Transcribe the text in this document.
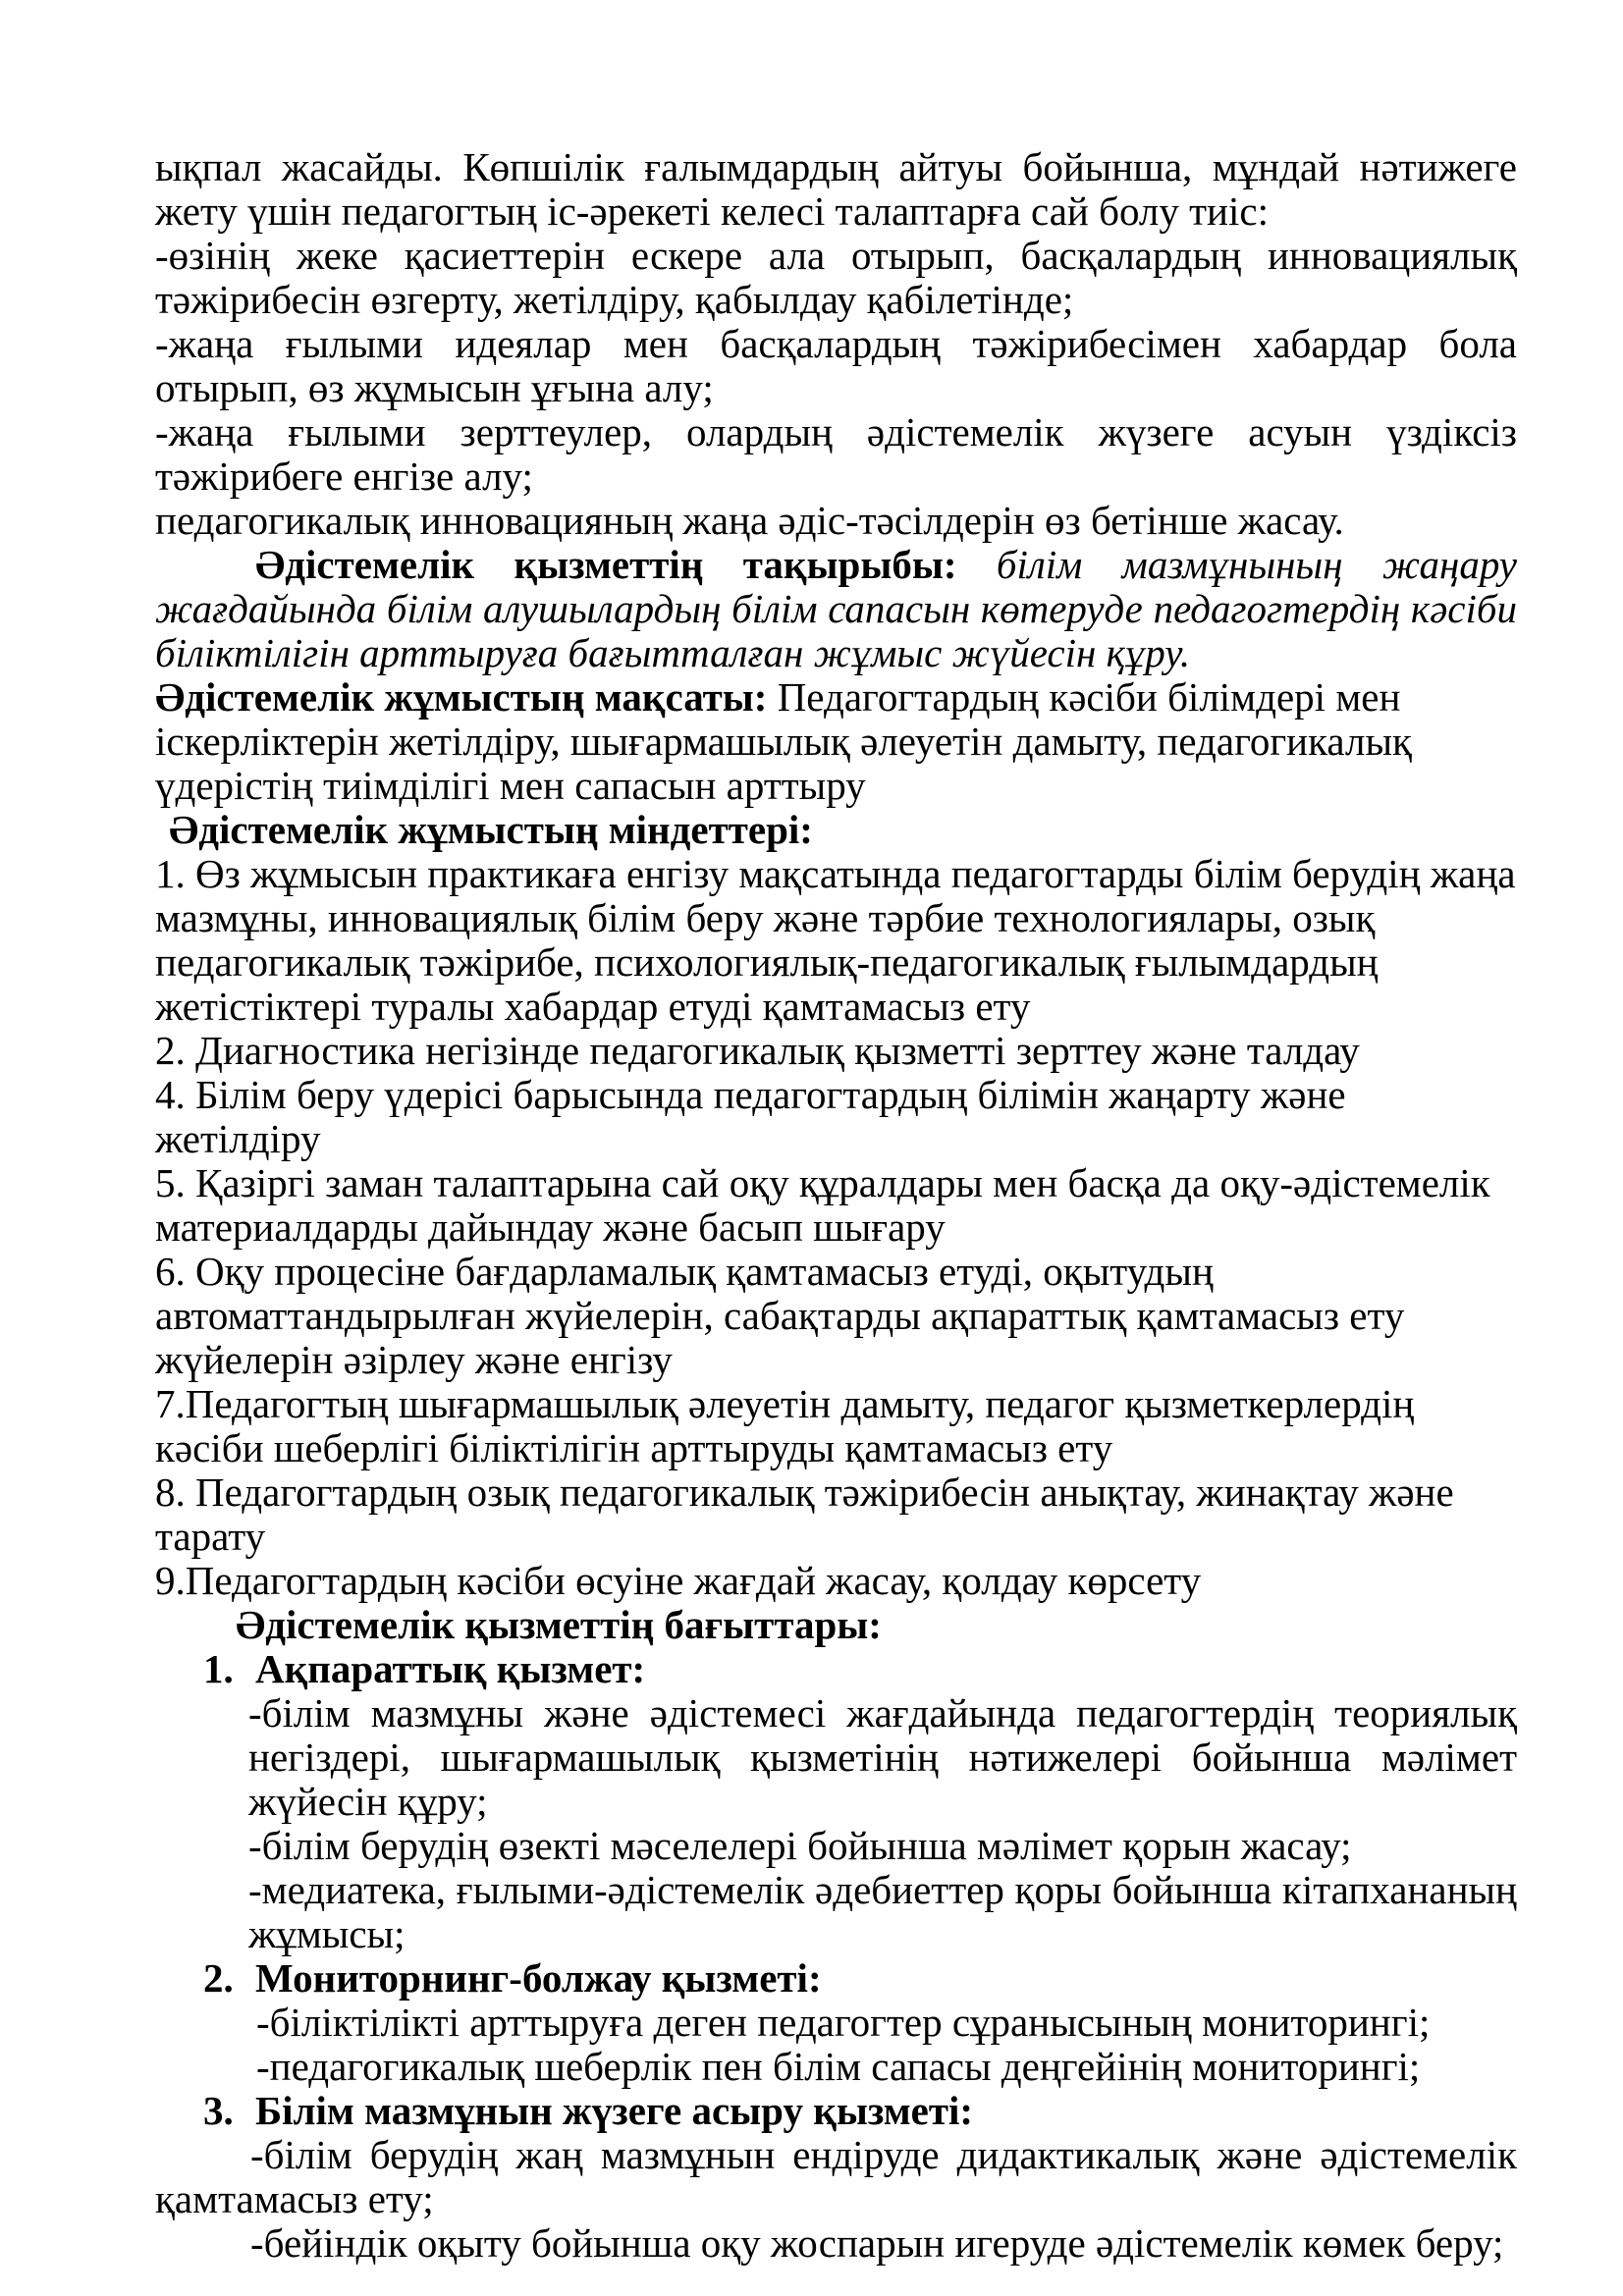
ықпал жасайды. Көпшілік ғалымдардың айтуы бойынша, мұндай нәтижеге жету үшін педагогтың іс-әрекеті келесі талаптарға сай болу тиіс:

-өзінің жеке қасиеттерін ескере ала отырып, басқалардың инновациялық тәжірибесін өзгерту, жетілдіру, қабылдау қабілетінде;

-жаңа ғылыми идеялар мен басқалардың тәжірибесімен хабардар бола отырып, өз жұмысын ұғына алу;

-жаңа ғылыми зерттеулер, олардың әдістемелік жүзеге асуын үздіксіз тәжірибеге енгізе алу;

педагогикалық инновацияның жаңа әдіс-тәсілдерін өз бетінше жасау.

Әдістемелік қызметтің тақырыбы: білім мазмұнының жаңару жағдайында білім алушылардың білім сапасын көтеруде педагогтердің кәсіби біліктілігін арттыруға бағытталған жұмыс жүйесін құру.

Әдістемелік жұмыстың мақсаты: Педагогтардың кәсіби білімдері мен іскерліктерін жетілдіру, шығармашылық әлеуетін дамыту, педагогикалық үдерістің тиімділігі мен сапасын арттыру

Әдістемелік жұмыстың міндеттері:

1. Өз жұмысын практикаға енгізу мақсатында педагогтарды білім берудің жаңа мазмұны, инновациялық білім беру және тәрбие технологиялары, озық педагогикалық тәжірибе, психологиялық-педагогикалық ғылымдардың жетістіктері туралы хабардар етуді қамтамасыз ету

2. Диагностика негізінде педагогикалық қызметті зерттеу және талдау

4. Білім беру үдерісі барысында педагогтардың білімін жаңарту және жетілдіру

5. Қазіргі заман талаптарына сай оқу құралдары мен басқа да оқу-әдістемелік материалдарды дайындау және басып шығару

6. Оқу процесіне бағдарламалық қамтамасыз етуді, оқытудың автоматтандырылған жүйелерін, сабақтарды ақпараттық қамтамасыз ету жүйелерін әзірлеу және енгізу

7.Педагогтың шығармашылық әлеуетін дамыту, педагог қызметкерлердің кәсіби шеберлігі біліктілігін арттыруды қамтамасыз ету

8. Педагогтардың озық педагогикалық тәжірибесін анықтау, жинақтау және тарату

9.Педагогтардың кәсіби өсуіне жағдай жасау, қолдау көрсету

Әдістемелік қызметтің бағыттары:

1. Ақпараттық қызмет:

-білім мазмұны және әдістемесі жағдайында педагогтердің теориялық негіздері, шығармашылық қызметінің нәтижелері бойынша мәлімет жүйесін құру;

-білім берудің өзекті мәселелері бойынша мәлімет қорын жасау;

-медиатека, ғылыми-әдістемелік әдебиеттер қоры бойынша кітапхананың жұмысы;

2. Мониторнинг-болжау қызметі:

-біліктілікті арттыруға деген педагогтер сұранысының мониторингі;

-педагогикалық шеберлік пен білім сапасы деңгейінің мониторингі;

3. Білім мазмұнын жүзеге асыру қызметі:

-білім берудің жаң мазмұнын ендіруде дидактикалық және әдістемелік қамтамасыз ету;

-бейіндік оқыту бойынша оқу жоспарын игеруде әдістемелік көмек беру;
